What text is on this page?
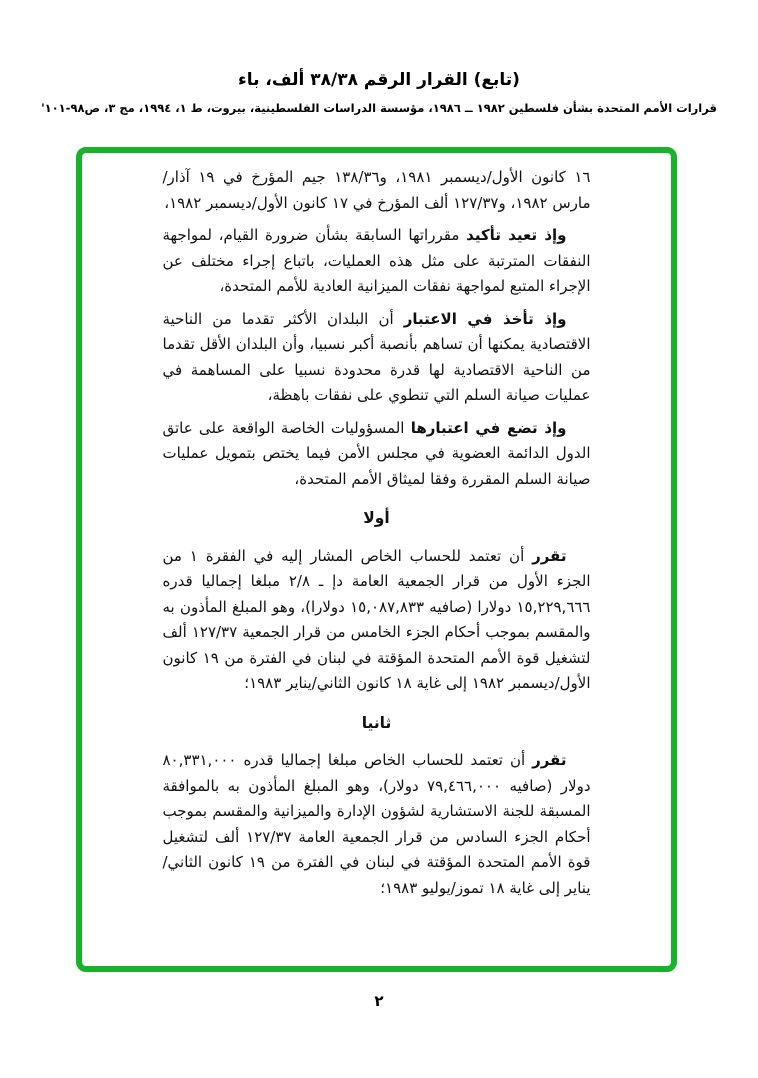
(تابع) القرار الرقم ٣٨/٣٨ ألف، باء
قرارات الأمم المتحدة بشأن فلسطين ١٩٨٢ ــ ١٩٨٦، مؤسسة الدراسات الفلسطينية، بيروت، ط ١، ١٩٩٤، مج ٣، ص٩٨-١٠١'

١٦ كانون الأول/ديسمبر ١٩٨١، و١٣٨/٣٦ جيم المؤرخ في ١٩ آذار/مارس ١٩٨٢، و١٢٧/٣٧ ألف المؤرخ في ١٧ كانون الأول/ديسمبر ١٩٨٢،

وإذ تعيد تأكيد مقرراتها السابقة بشأن ضرورة القيام، لمواجهة النفقات المترتبة على مثل هذه العمليات، باتباع إجراء مختلف عن الإجراء المتبع لمواجهة نفقات الميزانية العادية للأمم المتحدة،

وإذ تأخذ في الاعتبار أن البلدان الأكثر تقدما من الناحية الاقتصادية يمكنها أن تساهم بأنصبة أكبر نسبيا، وأن البلدان الأقل تقدما من الناحية الاقتصادية لها قدرة محدودة نسبيا على المساهمة في عمليات صيانة السلم التي تنطوي على نفقات باهظة،

وإذ تضع في اعتبارها المسؤوليات الخاصة الواقعة على عاتق الدول الدائمة العضوية في مجلس الأمن فيما يختص بتمويل عمليات صيانة السلم المقررة وفقا لميثاق الأمم المتحدة،

أولا

تقرر أن تعتمد للحساب الخاص المشار إليه في الفقرة ١ من الجزء الأول من قرار الجمعية العامة دإ ـ ٢/٨ مبلغا إجماليا قدره ١٥,٢٢٩,٦٦٦ دولارا (صافيه ١٥,٠٨٧,٨٣٣ دولارا)، وهو المبلغ المأذون به والمقسم بموجب أحكام الجزء الخامس من قرار الجمعية ١٢٧/٣٧ ألف لتشغيل قوة الأمم المتحدة المؤقتة في لبنان في الفترة من ١٩ كانون الأول/ديسمبر ١٩٨٢ إلى غاية ١٨ كانون الثاني/يناير ١٩٨٣؛

ثانيا

تقرر أن تعتمد للحساب الخاص مبلغا إجماليا قدره ٨٠,٣٣١,٠٠٠ دولار (صافيه ٧٩,٤٦٦,٠٠٠ دولار)، وهو المبلغ المأذون به بالموافقة المسبقة للجنة الاستشارية لشؤون الإدارة والميزانية والمقسم بموجب أحكام الجزء السادس من قرار الجمعية العامة ١٢٧/٣٧ ألف لتشغيل قوة الأمم المتحدة المؤقتة في لبنان في الفترة من ١٩ كانون الثاني/يناير إلى غاية ١٨ تموز/يوليو ١٩٨٣؛

٢
